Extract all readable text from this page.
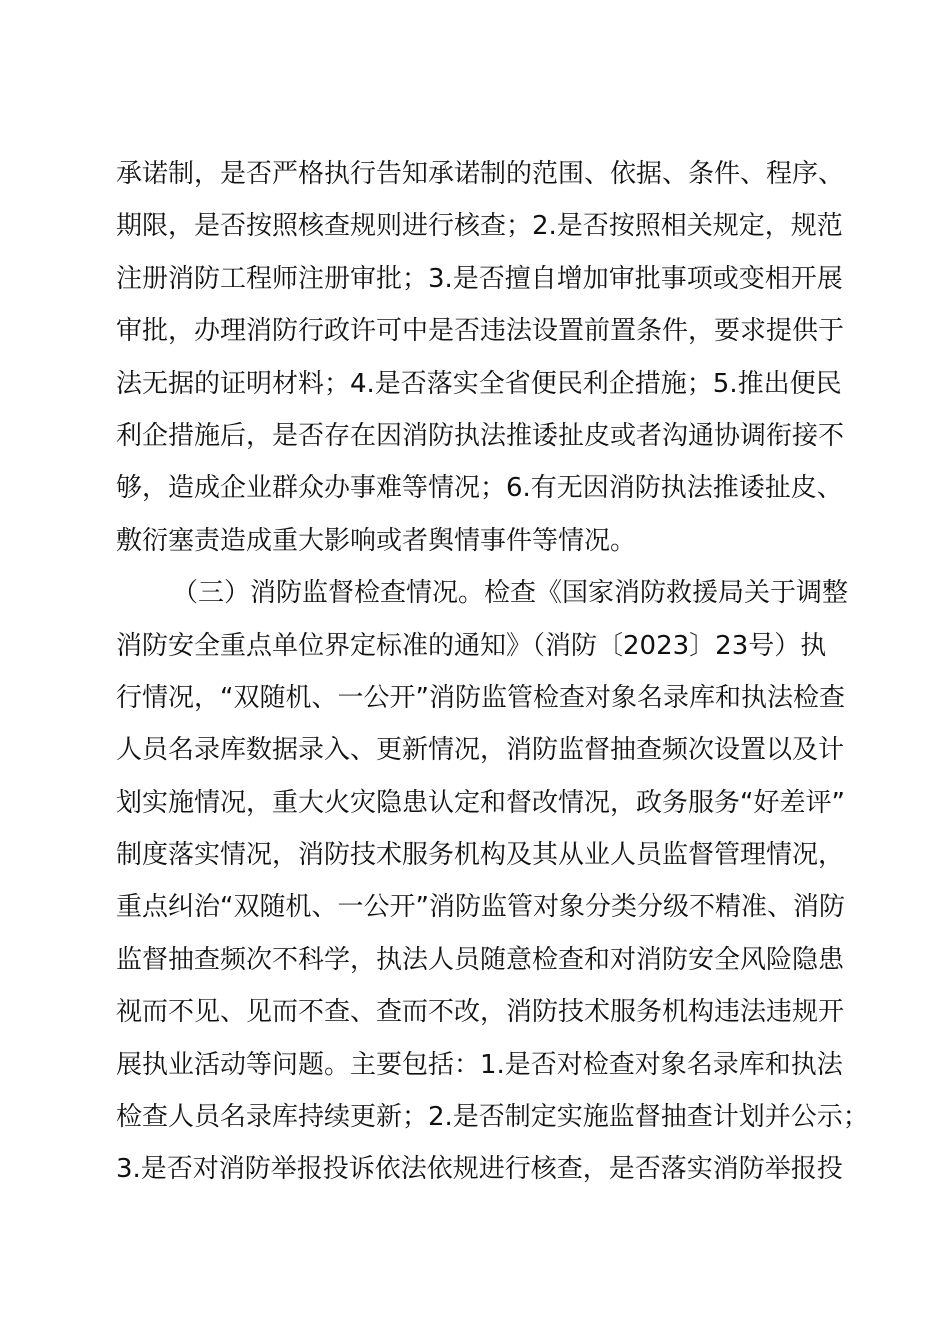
承诺制，是否严格执行告知承诺制的范围、依据、条件、程序、

期限，是否按照核查规则进行核查；2.是否按照相关规定，规范

注册消防工程师注册审批；3.是否擅自增加审批事项或变相开展

审批，办理消防行政许可中是否违法设置前置条件，要求提供于

法无据的证明材料；4.是否落实全省便民利企措施；5.推出便民

利企措施后，是否存在因消防执法推诿扯皮或者沟通协调衔接不

够，造成企业群众办事难等情况；6.有无因消防执法推诿扯皮、

敷衍塞责造成重大影响或者舆情事件等情况。

（三）消防监督检查情况。检查《国家消防救援局关于调整

消防安全重点单位界定标准的通知》（消防〔2023〕23号）执

行情况，“双随机、一公开”消防监管检查对象名录库和执法检查

人员名录库数据录入、更新情况，消防监督抽查频次设置以及计

划实施情况，重大火灾隐患认定和督改情况，政务服务“好差评”

制度落实情况，消防技术服务机构及其从业人员监督管理情况，

重点纠治“双随机、一公开”消防监管对象分类分级不精准、消防

监督抽查频次不科学，执法人员随意检查和对消防安全风险隐患

视而不见、见而不查、查而不改，消防技术服务机构违法违规开

展执业活动等问题。主要包括：1.是否对检查对象名录库和执法

检查人员名录库持续更新；2.是否制定实施监督抽查计划并公示；

3.是否对消防举报投诉依法依规进行核查，是否落实消防举报投
